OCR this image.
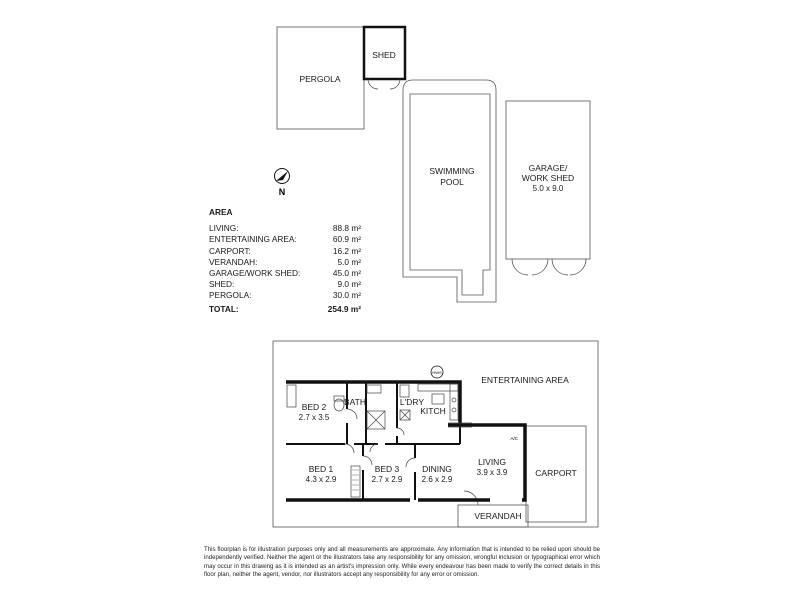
PERGOLA
SHED
SWIMMING
POOL
GARAGE/
WORK SHED
5.0 x 9.0
N
ENTERTAINING AREA
CARPORT
VERANDAH
HWS
A/C
BED 2
2.7 x 3.5
BATH	L'DRY
KITCH
BED 1
4.3 x 2.9
BED 3
2.7 x 2.9
DINING
2.6 x 2.9
LIVING
3.9 x 3.9
AREA
LIVING:	88.8 m²
ENTERTAINING AREA:	60.9 m²
CARPORT:	16.2 m²
VERANDAH:	5.0 m²
GARAGE/WORK SHED:	45.0 m²
SHED:	9.0 m²
PERGOLA:	30.0 m²
TOTAL:	254.9 m²
This floorplan is for illustration purposes only and all measurements are approximate. Any information that is intended to be relied upon should be independently verified. Neither the agent or the illustrators take any responsibility for any omission, wrongful inclusion or typographical error which may occur in this drawing as it is intended as an artist's impression only. While every endeavour has been made to verify the correct details in this floor plan, neither the agent, vendor, nor illustrators accept any responsibility for any error or omission.
